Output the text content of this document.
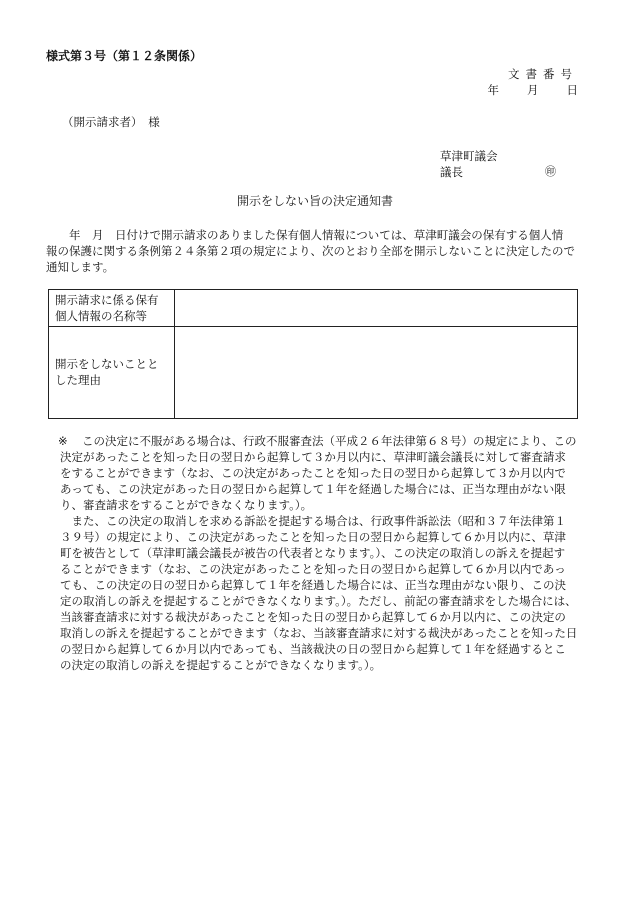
様式第３号（第１２条関係）
文書番号
年 月 日
（開示請求者）　様
草津町議会
議長	㊞
開示をしない旨の決定通知書
　　年　月　日付けで開示請求のありました保有個人情報については、草津町議会の保有する個人情
報の保護に関する条例第２４条第２項の規定により、次のとおり全部を開示しないことに決定したので
通知します。
開示請求に係る保有
個人情報の名称等	

開示をしないことと
した理由	

※	この決定に不服がある場合は、行政不服審査法（平成２６年法律第６８号）の規定により、この
決定があったことを知った日の翌日から起算して３か月以内に、草津町議会議長に対して審査請求
をすることができます（なお、この決定があったことを知った日の翌日から起算して３か月以内で
あっても、この決定があった日の翌日から起算して１年を経過した場合には、正当な理由がない限
り、審査請求をすることができなくなります。）。
　また、この決定の取消しを求める訴訟を提起する場合は、行政事件訴訟法（昭和３７年法律第１
３９号）の規定により、この決定があったことを知った日の翌日から起算して６か月以内に、草津
町を被告として（草津町議会議長が被告の代表者となります。）、この決定の取消しの訴えを提起す
ることができます（なお、この決定があったことを知った日の翌日から起算して６か月以内であっ
ても、この決定の日の翌日から起算して１年を経過した場合には、正当な理由がない限り、この決
定の取消しの訴えを提起することができなくなります。）。ただし、前記の審査請求をした場合には、
当該審査請求に対する裁決があったことを知った日の翌日から起算して６か月以内に、この決定の
取消しの訴えを提起することができます（なお、当該審査請求に対する裁決があったことを知った日
の翌日から起算して６か月以内であっても、当該裁決の日の翌日から起算して１年を経過するとこ
の決定の取消しの訴えを提起することができなくなります。）。
